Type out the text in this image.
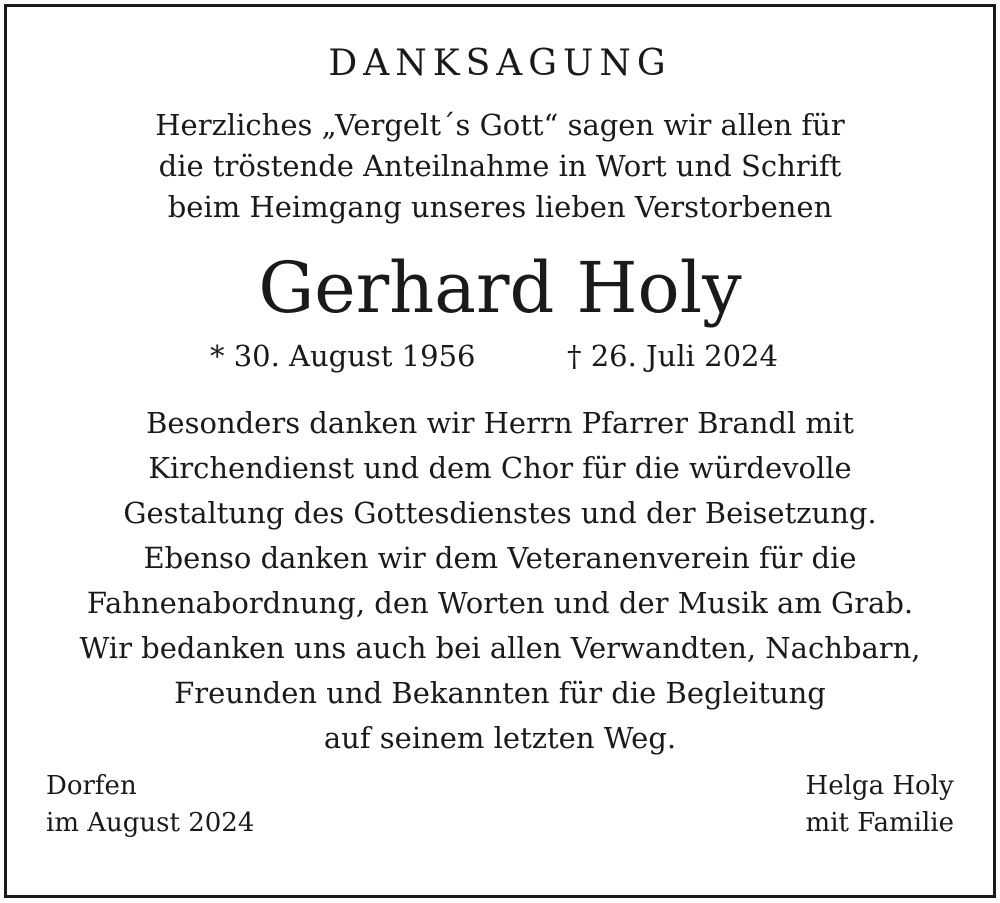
DANKSAGUNG
Herzliches „Vergelt´s Gott“ sagen wir allen für
die tröstende Anteilnahme in Wort und Schrift
beim Heimgang unseres lieben Verstorbenen
Gerhard Holy
* 30. August 1956	† 26. Juli 2024
Besonders danken wir Herrn Pfarrer Brandl mit
Kirchendienst und dem Chor für die würdevolle
Gestaltung des Gottesdienstes und der Beisetzung.
Ebenso danken wir dem Veteranenverein für die
Fahnenabordnung, den Worten und der Musik am Grab.
Wir bedanken uns auch bei allen Verwandten, Nachbarn,
Freunden und Bekannten für die Begleitung
auf seinem letzten Weg.
Dorfen
im August 2024
Helga Holy
mit Familie
